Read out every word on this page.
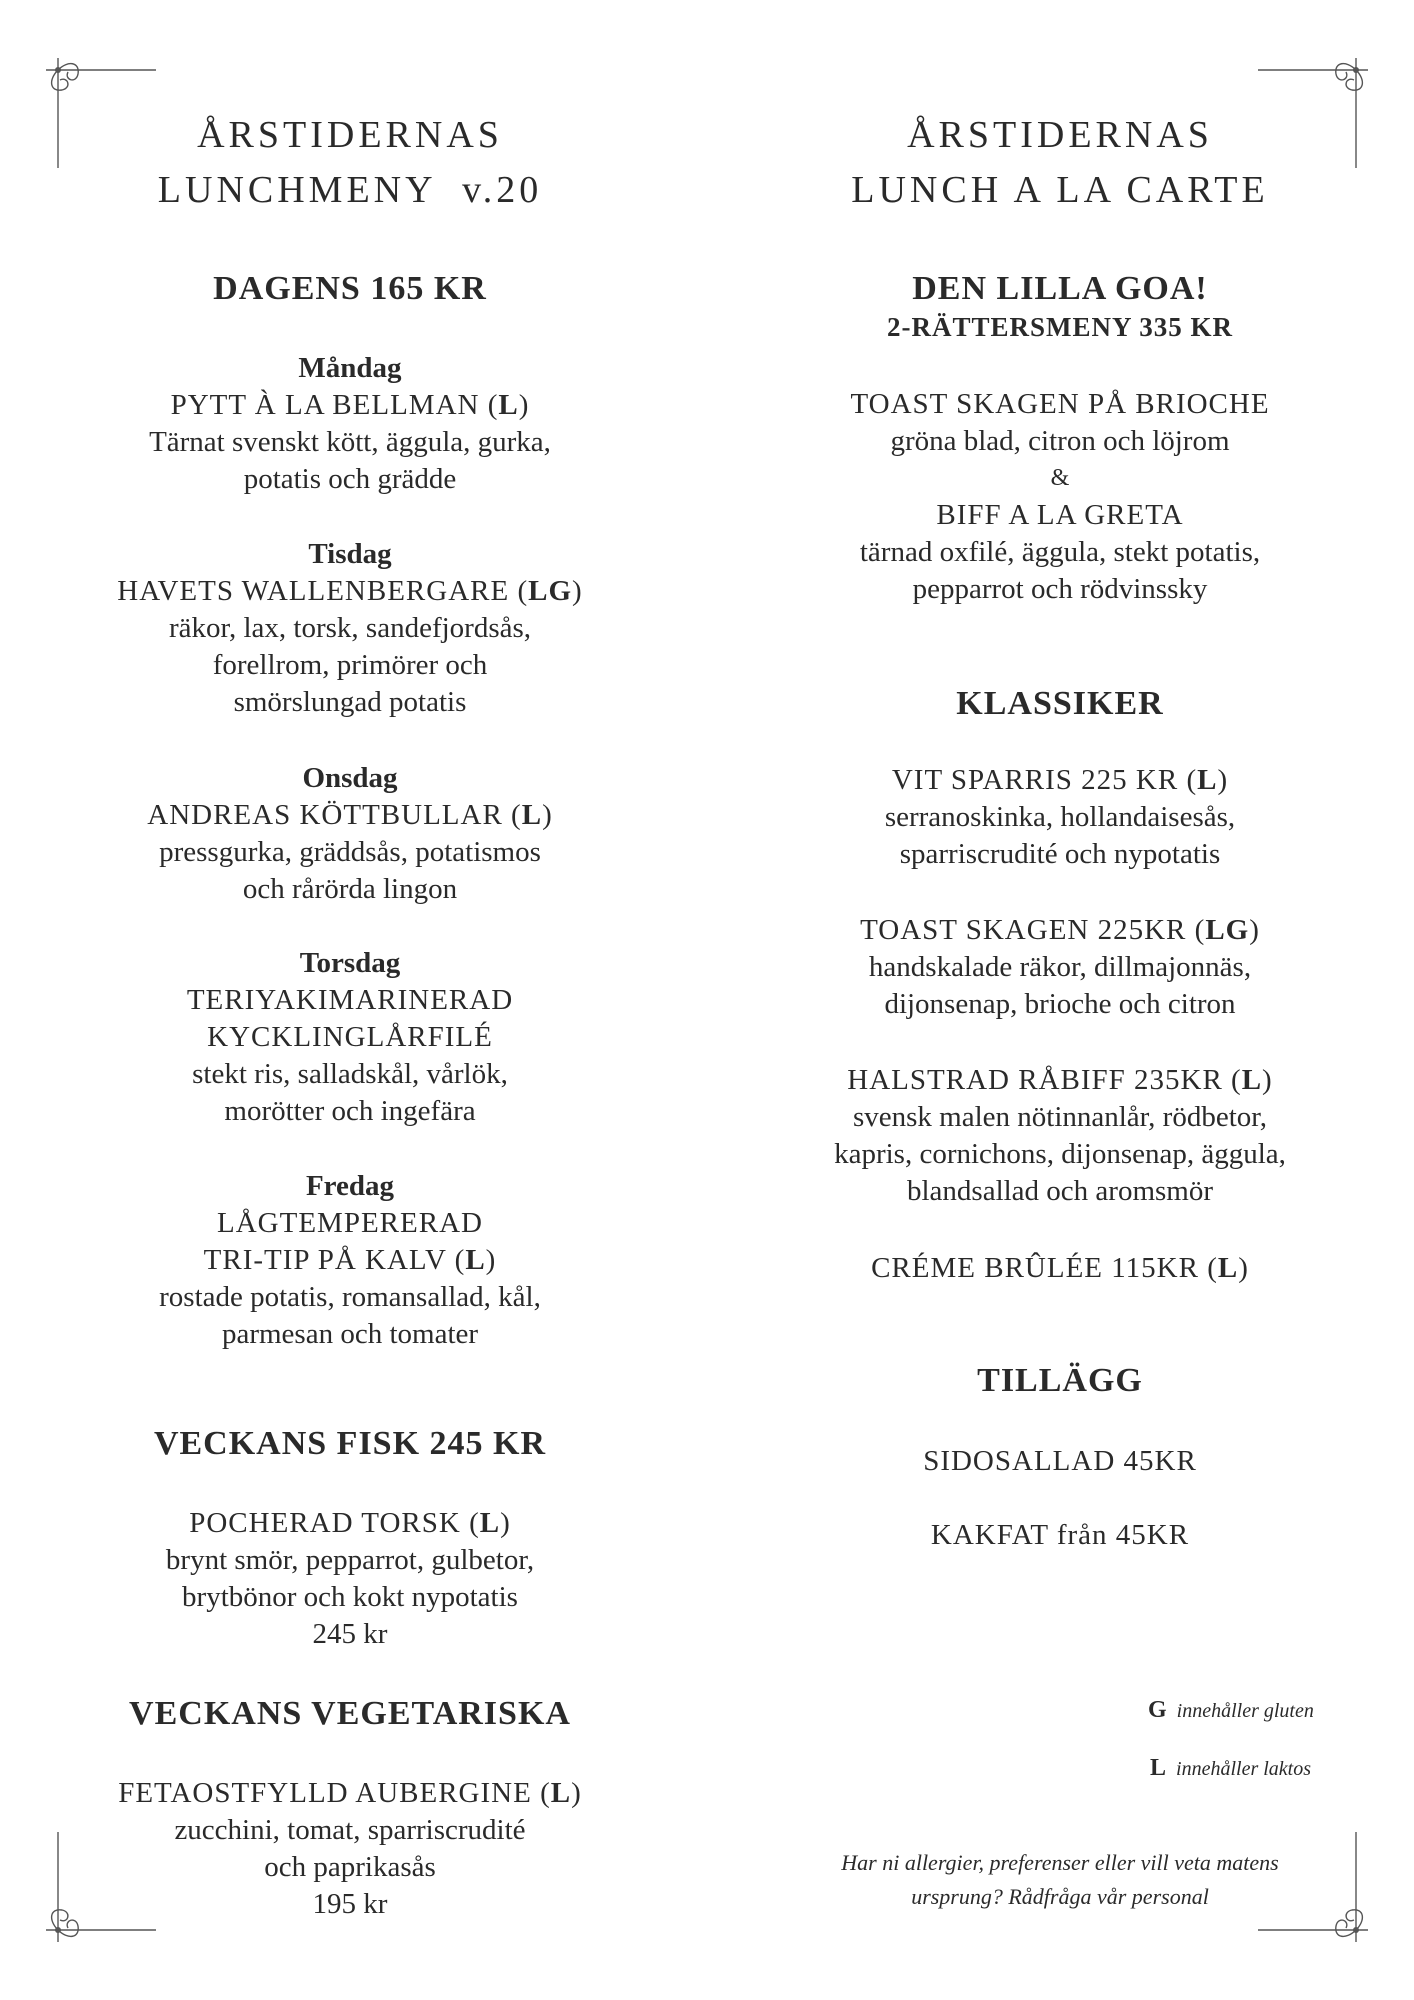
ÅRSTIDERNAS
LUNCHMENY  v.20
DAGENS 165 KR
Måndag
PYTT À LA BELLMAN (L)
Tärnat svenskt kött, äggula, gurka,
potatis och grädde
Tisdag
HAVETS WALLENBERGARE (LG)
räkor, lax, torsk, sandefjordsås,
forellrom, primörer och
smörslungad potatis
Onsdag
ANDREAS KÖTTBULLAR (L)
pressgurka, gräddsås, potatismos
och rårörda lingon
Torsdag
TERIYAKIMARINERAD
KYCKLINGLÅRFILÉ
stekt ris, salladskål, vårlök,
morötter och ingefära
Fredag
LÅGTEMPERERAD
TRI-TIP PÅ KALV (L)
rostade potatis, romansallad, kål,
parmesan och tomater
VECKANS FISK 245 KR
POCHERAD TORSK (L)
brynt smör, pepparrot, gulbetor,
brytbönor och kokt nypotatis
245 kr
VECKANS VEGETARISKA
FETAOSTFYLLD AUBERGINE (L)
zucchini, tomat, sparriscrudité
och paprikasås
195 kr
ÅRSTIDERNAS
LUNCH A LA CARTE
DEN LILLA GOA!
2-RÄTTERSMENY 335 KR
TOAST SKAGEN PÅ BRIOCHE
gröna blad, citron och löjrom
&
BIFF A LA GRETA
tärnad oxfilé, äggula, stekt potatis,
pepparrot och rödvinssky
KLASSIKER
VIT SPARRIS 225 KR (L)
serranoskinka, hollandaisesås,
sparriscrudité och nypotatis
TOAST SKAGEN 225KR (LG)
handskalade räkor, dillmajonnäs,
dijonsenap, brioche och citron
HALSTRAD RÅBIFF 235KR (L)
svensk malen nötinnanlår, rödbetor,
kapris, cornichons, dijonsenap, äggula,
blandsallad och aromsmör
CRÉME BRÛLÉE 115KR (L)
TILLÄGG
SIDOSALLAD 45KR
KAKFAT från 45KR
G innehåller gluten
L innehåller laktos
Har ni allergier, preferenser eller vill veta matens
ursprung? Rådfråga vår personal
